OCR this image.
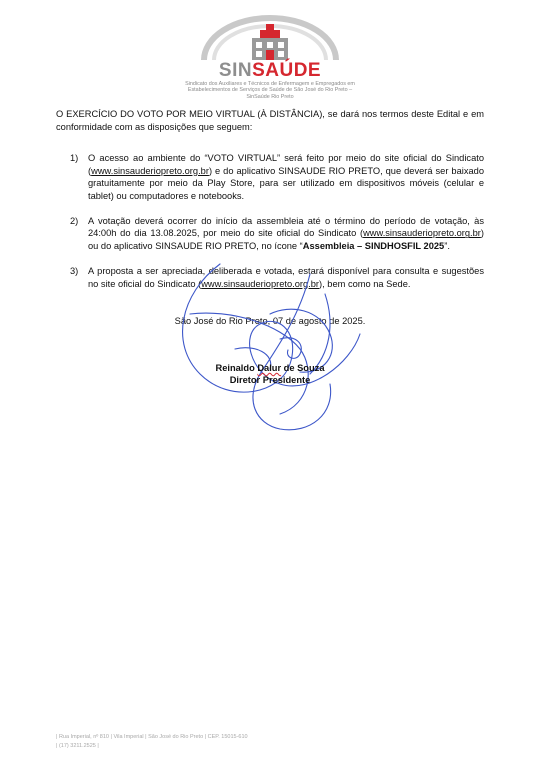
SINSAÚDE
Sindicato dos Auxiliares e Técnicos de Enfermagem e Empregados em Estabelecimentos de Serviços de Saúde de São José do Rio Preto – SinSaúde Rio Preto
O EXERCÍCIO DO VOTO POR MEIO VIRTUAL (À DISTÂNCIA), se dará nos termos deste Edital e em conformidade com as disposições que seguem:
1) O acesso ao ambiente do “VOTO VIRTUAL” será feito por meio do site oficial do Sindicato (www.sinsauderiopreto.org.br) e do aplicativo SINSAUDE RIO PRETO, que deverá ser baixado gratuitamente por meio da Play Store, para ser utilizado em dispositivos móveis (celular e tablet) ou computadores e notebooks.
2) A votação deverá ocorrer do início da assembleia até o término do período de votação, às 24:00h do dia 13.08.2025, por meio do site oficial do Sindicato (www.sinsauderiopreto.org.br) ou do aplicativo SINSAUDE RIO PRETO, no ícone “Assembleia – SINDHOSFIL 2025”.
3) A proposta a ser apreciada, deliberada e votada, estará disponível para consulta e sugestões no site oficial do Sindicato (www.sinsauderiopreto.org.br), bem como na Sede.
São José do Rio Preto, 07 de agosto de 2025.
Reinaldo Dalur de Souza
Diretor Presidente
| Rua Imperial, nº 810 | Vila Imperial | São José do Rio Preto | CEP. 15015-610
| (17) 3211.2525 |
